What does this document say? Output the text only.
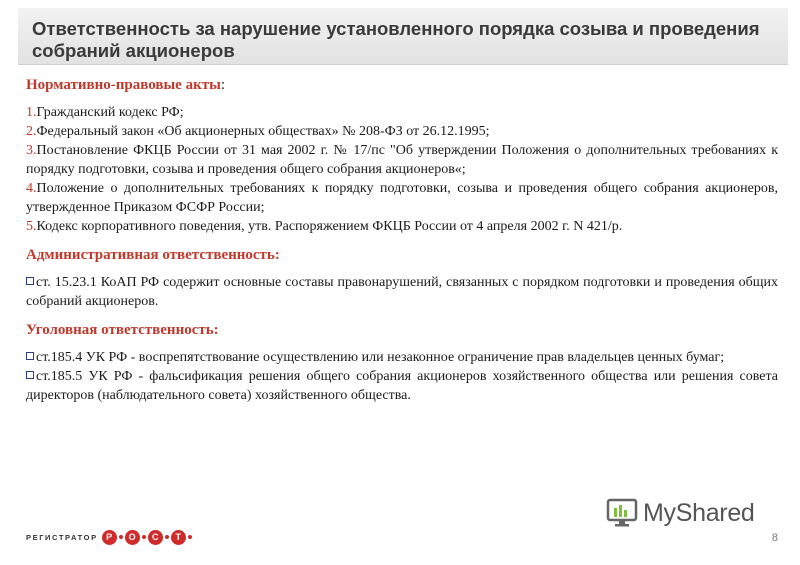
Ответственность за нарушение установленного порядка созыва и проведения собраний акционеров
Нормативно-правовые акты:

1.Гражданский кодекс РФ;

2.Федеральный закон «Об акционерных обществах» № 208-ФЗ от 26.12.1995;

3.Постановление ФКЦБ России от 31 мая 2002 г. № 17/пс "Об утверждении Положения о дополнительных требованиях к порядку подготовки, созыва и проведения общего собрания акционеров«;

4.Положение о дополнительных требованиях к порядку подготовки, созыва и проведения общего собрания акционеров, утвержденное Приказом ФСФР России;

5.Кодекс корпоративного поведения, утв. Распоряжением ФКЦБ России от 4 апреля 2002 г. N 421/р.

Административная ответственность:

ст. 15.23.1 КоАП РФ содержит основные составы правонарушений, связанных с порядком подготовки и проведения общих собраний акционеров.

Уголовная ответственность:

ст.185.4 УК РФ - воспрепятствование осуществлению или незаконное ограничение прав владельцев ценных бумаг;

ст.185.5 УК РФ - фальсификация решения общего собрания акционеров хозяйственного общества или решения совета директоров (наблюдательного совета) хозяйственного общества.

РЕГИСТРАТОР Р	О	С	Т
MyShared
8
